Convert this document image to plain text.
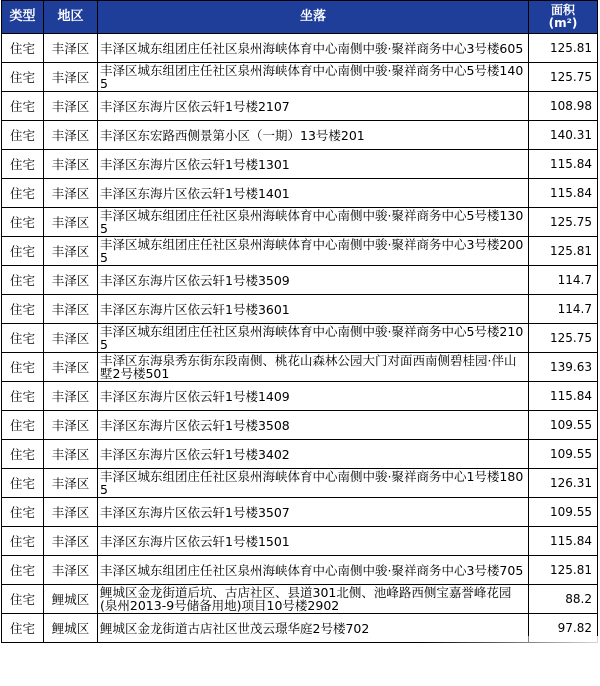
类型	地区	坐落	面积
(m²)

住宅	丰泽区	丰泽区城东组团庄任社区泉州海峡体育中心南侧中骏·聚祥商务中心3号楼605	125.81
住宅	丰泽区	丰泽区城东组团庄任社区泉州海峡体育中心南侧中骏·聚祥商务中心5号楼1405	125.75
住宅	丰泽区	丰泽区东海片区依云轩1号楼2107	108.98
住宅	丰泽区	丰泽区东宏路西侧景第小区（一期）13号楼201	140.31
住宅	丰泽区	丰泽区东海片区依云轩1号楼1301	115.84
住宅	丰泽区	丰泽区东海片区依云轩1号楼1401	115.84
住宅	丰泽区	丰泽区城东组团庄任社区泉州海峡体育中心南侧中骏·聚祥商务中心5号楼1305	125.75
住宅	丰泽区	丰泽区城东组团庄任社区泉州海峡体育中心南侧中骏·聚祥商务中心3号楼2005	125.81
住宅	丰泽区	丰泽区东海片区依云轩1号楼3509	114.7
住宅	丰泽区	丰泽区东海片区依云轩1号楼3601	114.7
住宅	丰泽区	丰泽区城东组团庄任社区泉州海峡体育中心南侧中骏·聚祥商务中心5号楼2105	125.75
住宅	丰泽区	丰泽区东海泉秀东街东段南侧、桃花山森林公园大门对面西南侧碧桂园·伴山墅2号楼501	139.63
住宅	丰泽区	丰泽区东海片区依云轩1号楼1409	115.84
住宅	丰泽区	丰泽区东海片区依云轩1号楼3508	109.55
住宅	丰泽区	丰泽区东海片区依云轩1号楼3402	109.55
住宅	丰泽区	丰泽区城东组团庄任社区泉州海峡体育中心南侧中骏·聚祥商务中心1号楼1805	126.31
住宅	丰泽区	丰泽区东海片区依云轩1号楼3507	109.55
住宅	丰泽区	丰泽区东海片区依云轩1号楼1501	115.84
住宅	丰泽区	丰泽区城东组团庄任社区泉州海峡体育中心南侧中骏·聚祥商务中心3号楼705	125.81
住宅	鲤城区	鲤城区金龙街道后坑、古店社区、县道301北侧、池峰路西侧宝嘉誉峰花园(泉州2013-9号储备用地)项目10号楼2902	88.2
住宅	鲤城区	鲤城区金龙街道古店社区世茂云璟华庭2号楼702	97.82
